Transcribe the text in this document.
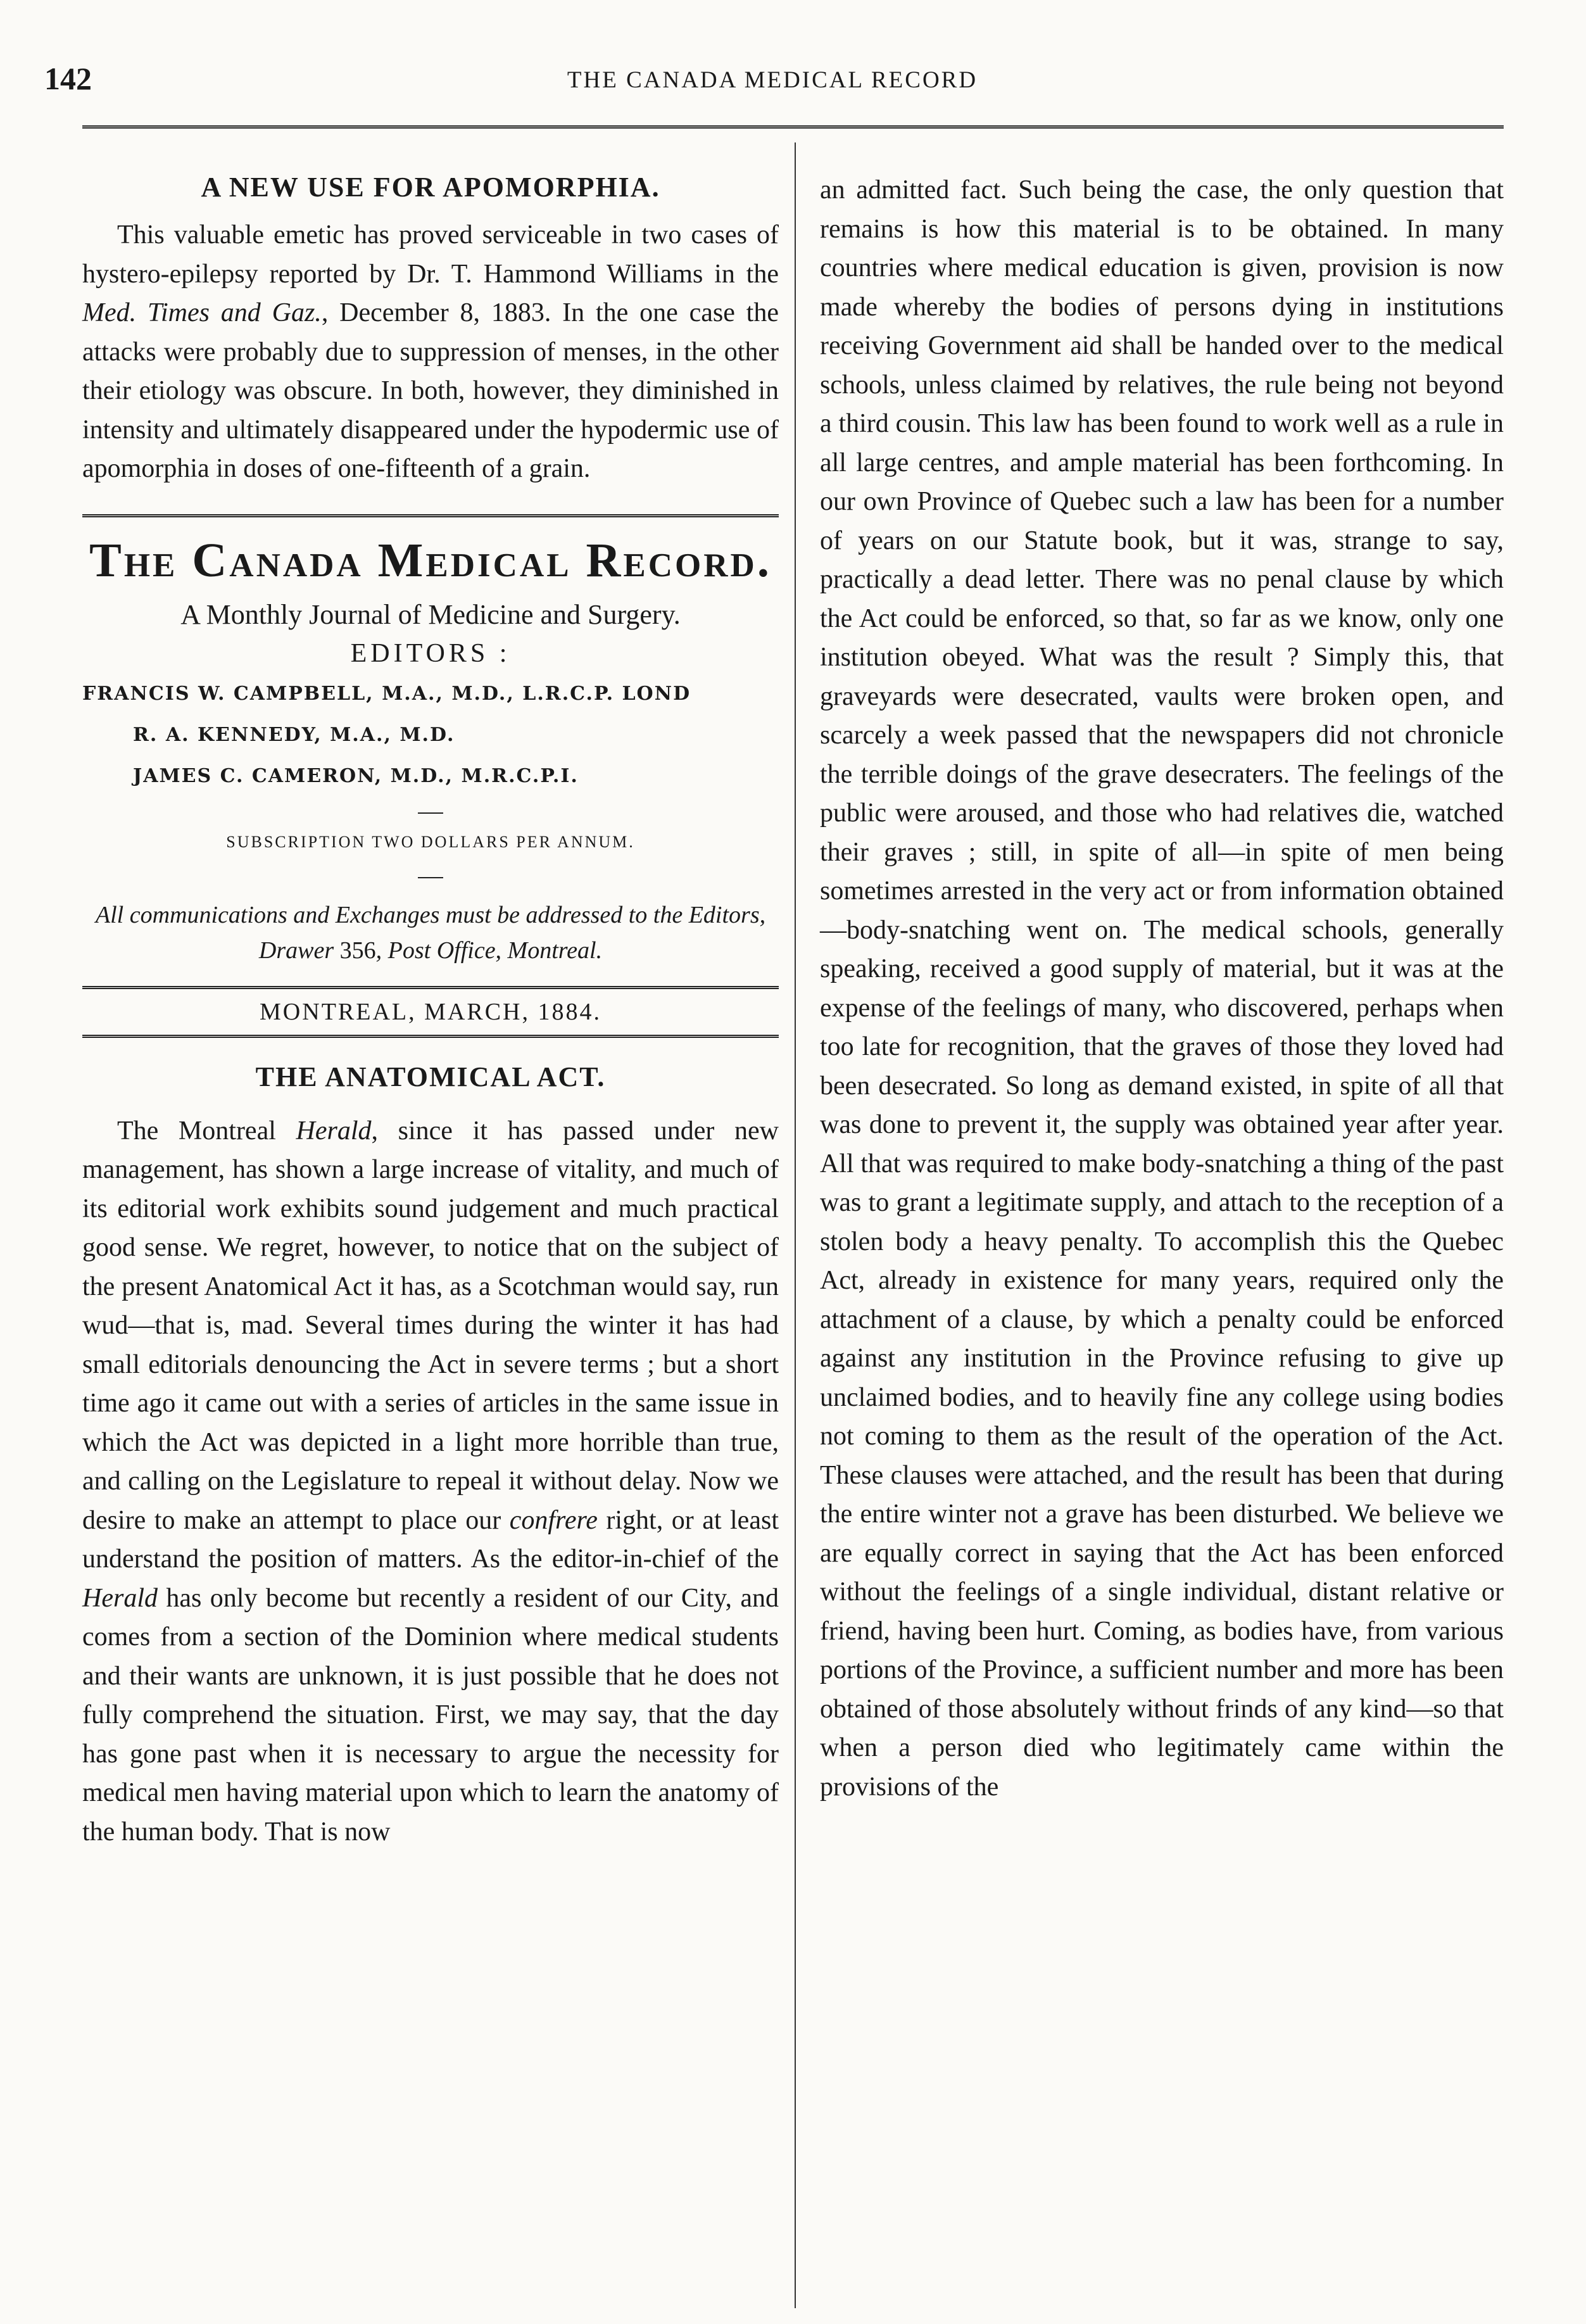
142	THE CANADA MEDICAL RECORD
A NEW USE FOR APOMORPHIA.

This valuable emetic has proved serviceable in two cases of hystero-epilepsy reported by Dr. T. Hammond Williams in the Med. Times and Gaz., December 8, 1883. In the one case the attacks were probably due to suppression of menses, in the other their etiology was obscure. In both, however, they diminished in intensity and ultimately disappeared under the hypodermic use of apomorphia in doses of one-fifteenth of a grain.

The Canada Medical Record.

A Monthly Journal of Medicine and Surgery.

EDITORS :

FRANCIS W. CAMPBELL, M.A., M.D., L.R.C.P. LOND

R. A. KENNEDY, M.A., M.D.

JAMES C. CAMERON, M.D., M.R.C.P.I.

SUBSCRIPTION TWO DOLLARS PER ANNUM.

All communications and Exchanges must be addressed to the Editors, Drawer 356, Post Office, Montreal.

MONTREAL, MARCH, 1884.

THE ANATOMICAL ACT.

The Montreal Herald, since it has passed under new management, has shown a large increase of vitality, and much of its editorial work exhibits sound judgement and much practical good sense. We regret, however, to notice that on the subject of the present Anatomical Act it has, as a Scotchman would say, run wud—that is, mad. Several times during the winter it has had small editorials denouncing the Act in severe terms ; but a short time ago it came out with a series of articles in the same issue in which the Act was depicted in a light more horrible than true, and calling on the Legislature to repeal it without delay. Now we desire to make an attempt to place our confrere right, or at least understand the position of matters. As the editor-in-chief of the Herald has only become but recently a resident of our City, and comes from a section of the Dominion where medical students and their wants are unknown, it is just possible that he does not fully comprehend the situation. First, we may say, that the day has gone past when it is necessary to argue the necessity for medical men having material upon which to learn the anatomy of the human body. That is now

an admitted fact. Such being the case, the only question that remains is how this material is to be obtained. In many countries where medical education is given, provision is now made whereby the bodies of persons dying in institutions receiving Government aid shall be handed over to the medical schools, unless claimed by relatives, the rule being not beyond a third cousin. This law has been found to work well as a rule in all large centres, and ample material has been forthcoming. In our own Province of Quebec such a law has been for a number of years on our Statute book, but it was, strange to say, practically a dead letter. There was no penal clause by which the Act could be enforced, so that, so far as we know, only one institution obeyed. What was the result ? Simply this, that graveyards were desecrated, vaults were broken open, and scarcely a week passed that the newspapers did not chronicle the terrible doings of the grave desecraters. The feelings of the public were aroused, and those who had relatives die, watched their graves ; still, in spite of all—in spite of men being sometimes arrested in the very act or from information obtained—body-snatching went on. The medical schools, generally speaking, received a good supply of material, but it was at the expense of the feelings of many, who discovered, perhaps when too late for recognition, that the graves of those they loved had been desecrated. So long as demand existed, in spite of all that was done to prevent it, the supply was obtained year after year. All that was required to make body-snatching a thing of the past was to grant a legitimate supply, and attach to the reception of a stolen body a heavy penalty. To accomplish this the Quebec Act, already in existence for many years, required only the attachment of a clause, by which a penalty could be enforced against any institution in the Province refusing to give up unclaimed bodies, and to heavily fine any college using bodies not coming to them as the result of the operation of the Act. These clauses were attached, and the result has been that during the entire winter not a grave has been disturbed. We believe we are equally correct in saying that the Act has been enforced without the feelings of a single individual, distant relative or friend, having been hurt. Coming, as bodies have, from various portions of the Province, a sufficient number and more has been obtained of those absolutely without frinds of any kind—so that when a person died who legitimately came within the provisions of the
